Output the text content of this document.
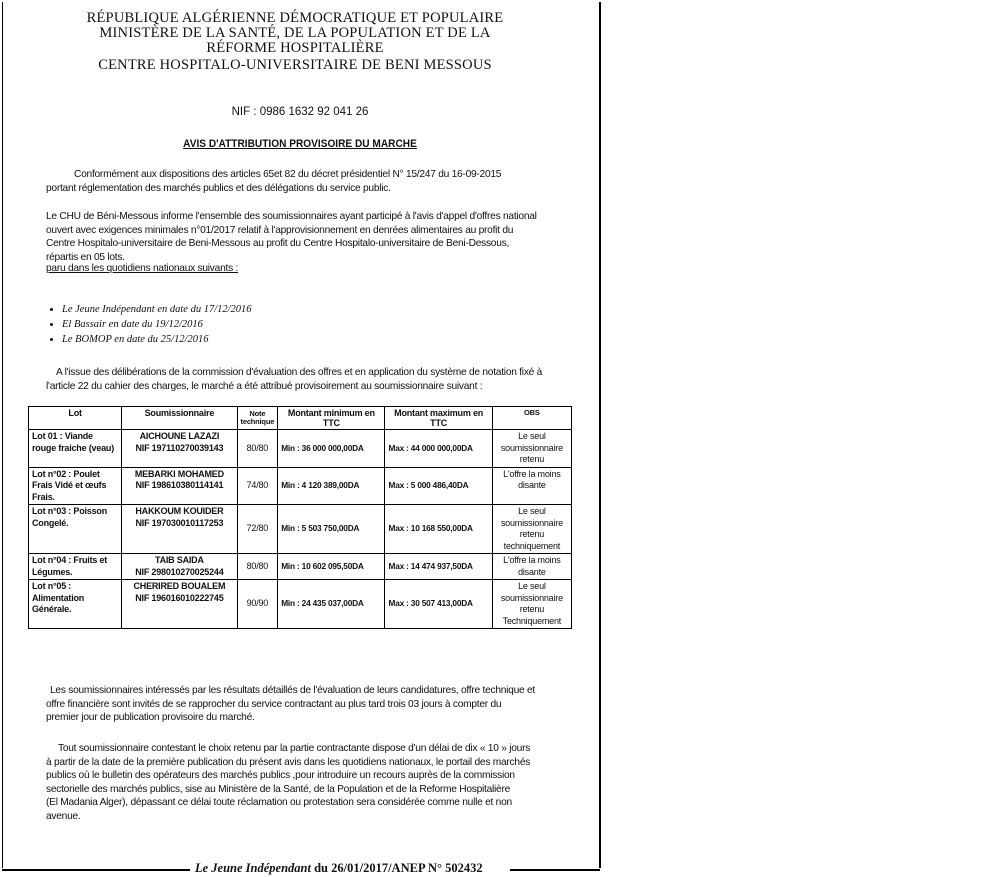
RÉPUBLIQUE ALGÉRIENNE DÉMOCRATIQUE ET POPULAIRE
MINISTÈRE DE LA SANTÉ, DE LA POPULATION ET DE LA
RÉFORME HOSPITALIÈRE
CENTRE HOSPITALO-UNIVERSITAIRE DE BENI MESSOUS
NIF : 0986 1632 92 041 26
AVIS D'ATTRIBUTION PROVISOIRE DU MARCHE
Conformément aux dispositions des articles 65et 82 du décret présidentiel N° 15/247 du 16-09-2015
portant réglementation des marchés publics et des délégations du service public.
Le CHU de Béni-Messous informe l'ensemble des soumissionnaires ayant participé à l'avis d'appel d'offres national
ouvert avec exigences minimales n°01/2017 relatif à l'approvisionnement en denrées alimentaires au profit du
Centre Hospitalo-universitaire de Beni-Messous au profit du Centre Hospitalo-universitaire de Beni-Dessous,
répartis en 05 lots.
paru dans les quotidiens nationaux suivants :
• Le Jeune Indépendant en date du 17/12/2016
• El Bassair en date du 19/12/2016
• Le BOMOP en date du 25/12/2016
A l'issue des délibérations de la commission d'évaluation des offres et en application du système de notation fixé à
l'article 22 du cahier des charges, le marché a été attribué provisoirement au soumissionnaire suivant :
Lot	Soumissionnaire	Note technique	Montant minimum en TTC	Montant maximum en TTC	OBS
Lot 01 : Viande rouge fraiche (veau)	AICHOUNE LAZAZI
NIF 197110270039143	80/80	Min : 36 000 000,00DA	Max : 44 000 000,00DA	Le seul soumissionnaire retenu
Lot n°02 : Poulet Frais Vidé et œufs Frais.	MEBARKI MOHAMED
NIF 198610380114141	74/80	Min : 4 120 389,00DA	Max : 5 000 486,40DA	L'offre la moins disante
Lot n°03 : Poisson Congelé.	HAKKOUM KOUIDER
NIF 197030010117253	72/80	Min : 5 503 750,00DA	Max : 10 168 550,00DA	Le seul soumissionnaire retenu techniquement
Lot n°04 : Fruits et Légumes.	TAIB SAIDA
NIF 298010270025244	80/80	Min : 10 602 095,50DA	Max : 14 474 937,50DA	L'offre la moins disante
Lot n°05 : Alimentation Générale.	CHERIRED BOUALEM
NIF 196016010222745	90/90	Min : 24 435 037,00DA	Max : 30 507 413,00DA	Le seul soumissionnaire retenu Techniquement
Les soumissionnaires intéressés par les résultats détaillés de l'évaluation de leurs candidatures, offre technique et
offre financière sont invités de se rapprocher du service contractant au plus tard trois 03 jours à compter du
premier jour de publication provisoire du marché.
Tout soumissionnaire contestant le choix retenu par la partie contractante dispose d'un délai de dix « 10 » jours
à partir de la date de la première publication du présent avis dans les quotidiens nationaux, le portail des marchés
publics où le bulletin des opérateurs des marchés publics ,pour introduire un recours auprès de la commission
sectorielle des marchés publics, sise au Ministère de la Santé, de la Population et de la Reforme Hospitalière
(El Madania Alger), dépassant ce délai toute réclamation ou protestation sera considérée comme nulle et non
avenue.
Le Jeune Indépendant du 26/01/2017/ANEP N° 502432
